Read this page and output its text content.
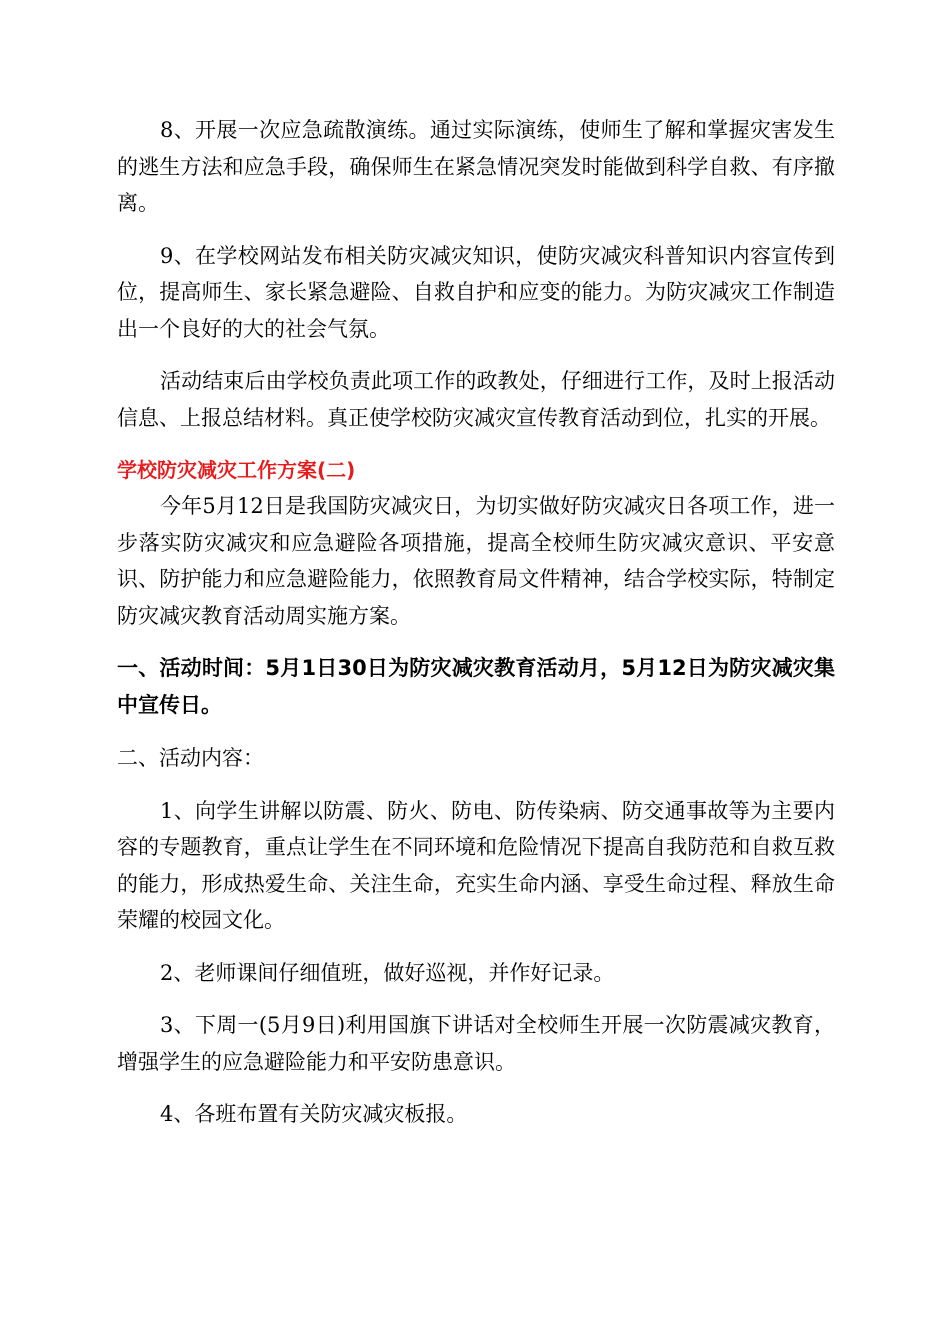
8、开展一次应急疏散演练。通过实际演练，使师生了解和掌握灾害发生的逃生方法和应急手段，确保师生在紧急情况突发时能做到科学自救、有序撤离。

9、在学校网站发布相关防灾减灾知识，使防灾减灾科普知识内容宣传到位，提高师生、家长紧急避险、自救自护和应变的能力。为防灾减灾工作制造出一个良好的大的社会气氛。

活动结束后由学校负责此项工作的政教处，仔细进行工作，及时上报活动信息、上报总结材料。真正使学校防灾减灾宣传教育活动到位，扎实的开展。

学校防灾减灾工作方案(二)

今年5月12日是我国防灾减灾日，为切实做好防灾减灾日各项工作，进一步落实防灾减灾和应急避险各项措施，提高全校师生防灾减灾意识、平安意识、防护能力和应急避险能力，依照教育局文件精神，结合学校实际，特制定防灾减灾教育活动周实施方案。

一、活动时间：5月1日30日为防灾减灾教育活动月，5月12日为防灾减灾集中宣传日。

二、活动内容：

1、向学生讲解以防震、防火、防电、防传染病、防交通事故等为主要内容的专题教育，重点让学生在不同环境和危险情况下提高自我防范和自救互救的能力，形成热爱生命、关注生命，充实生命内涵、享受生命过程、释放生命荣耀的校园文化。

2、老师课间仔细值班，做好巡视，并作好记录。

3、下周一(5月9日)利用国旗下讲话对全校师生开展一次防震减灾教育，增强学生的应急避险能力和平安防患意识。

4、各班布置有关防灾减灾板报。
